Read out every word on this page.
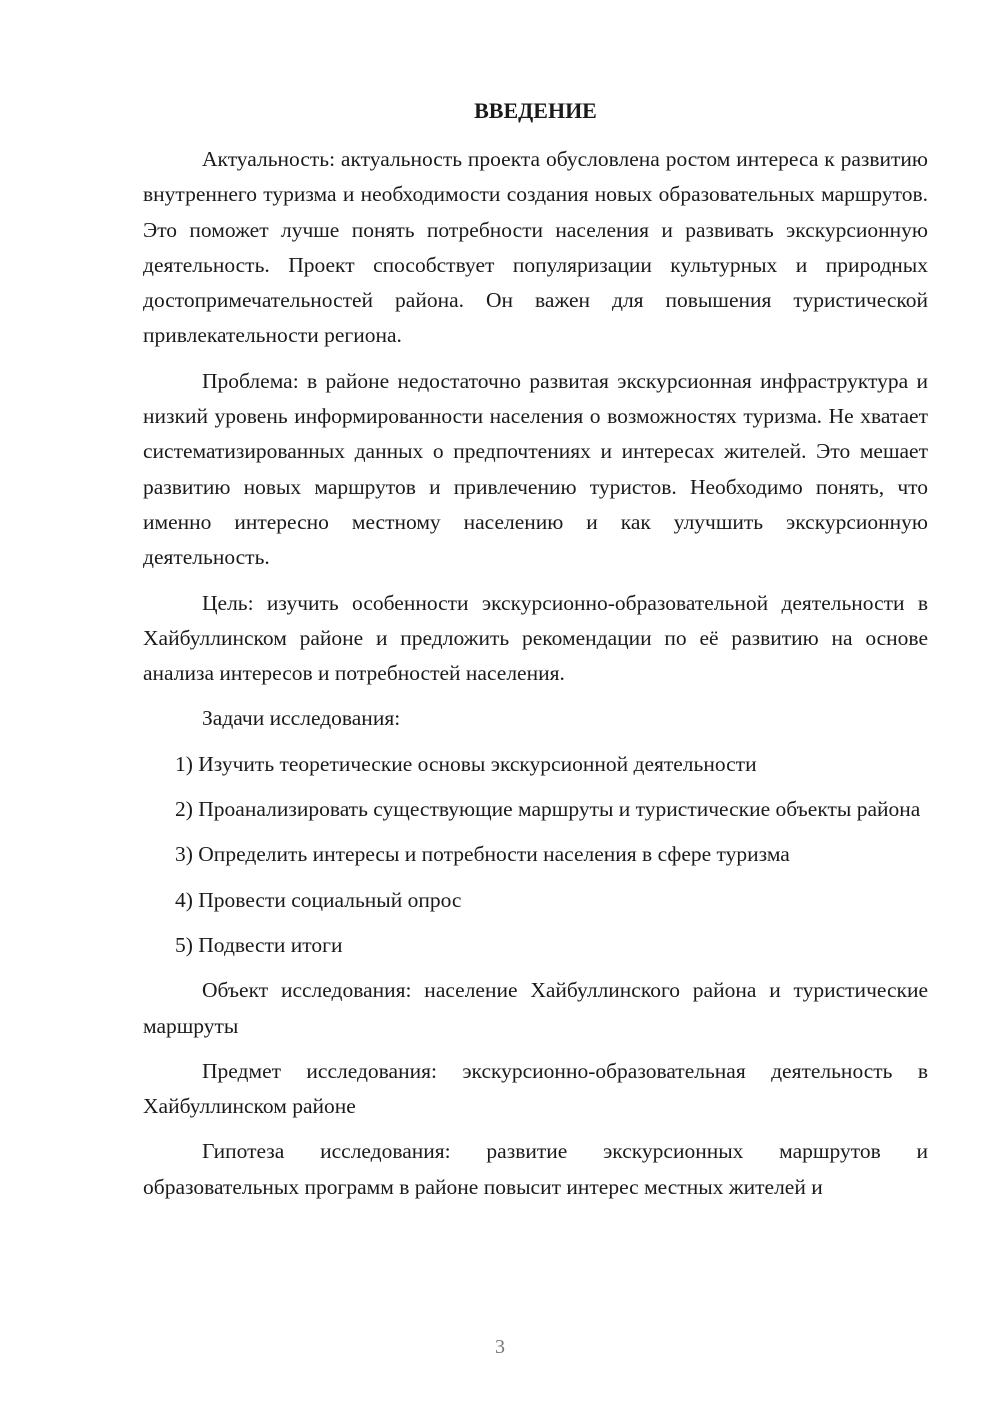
ВВЕДЕНИЕ

Актуальность: актуальность проекта обусловлена ростом интереса к развитию внутреннего туризма и необходимости создания новых образовательных маршрутов. Это поможет лучше понять потребности населения и развивать экскурсионную деятельность. Проект способствует популяризации культурных и природных достопримечательностей района. Он важен для повышения туристической привлекательности региона.

Проблема: в районе недостаточно развитая экскурсионная инфраструктура и низкий уровень информированности населения о возможностях туризма. Не хватает систематизированных данных о предпочтениях и интересах жителей. Это мешает развитию новых маршрутов и привлечению туристов. Необходимо понять, что именно интересно местному населению и как улучшить экскурсионную деятельность.

Цель: изучить особенности экскурсионно-образовательной деятельности в Хайбуллинском районе и предложить рекомендации по её развитию на основе анализа интересов и потребностей населения.

Задачи исследования:

1) Изучить теоретические основы экскурсионной деятельности

2) Проанализировать существующие маршруты и туристические объекты района

3) Определить интересы и потребности населения в сфере туризма

4) Провести социальный опрос

5) Подвести итоги

Объект исследования: население Хайбуллинского района и туристические маршруты

Предмет исследования: экскурсионно-образовательная деятельность в Хайбуллинском районе

Гипотеза исследования: развитие экскурсионных маршрутов и образовательных программ в районе повысит интерес местных жителей и

3
